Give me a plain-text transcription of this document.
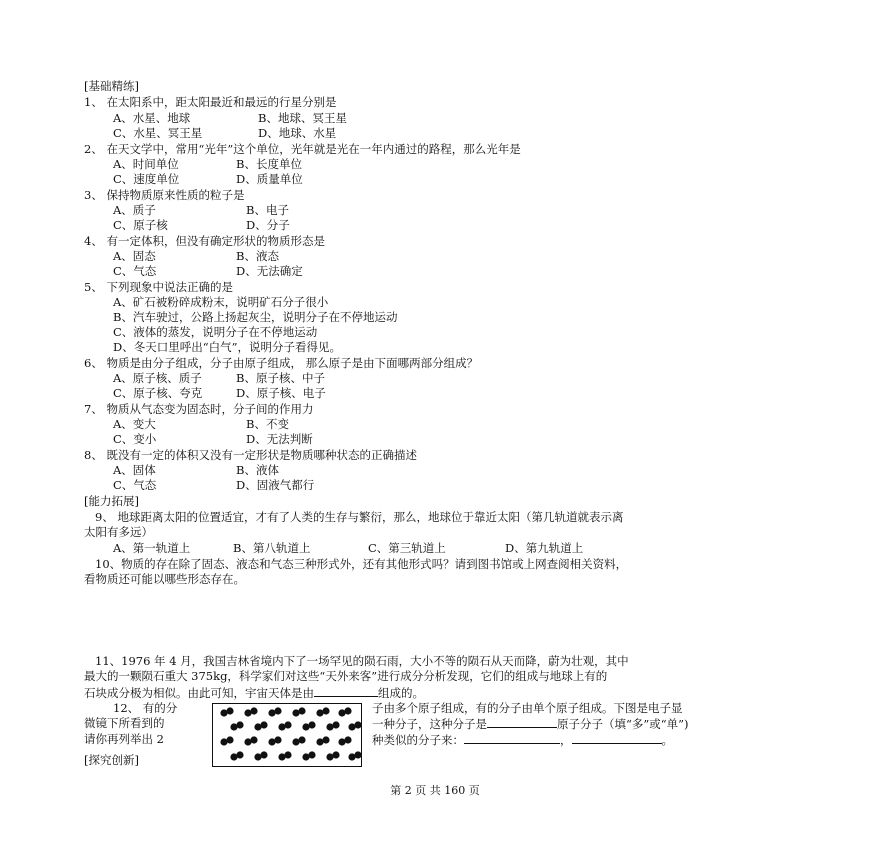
[基础精练]
1、 在太阳系中，距太阳最近和最远的行星分别是
A、水星、地球	B、地球、冥王星
C、水星、冥王星	D、地球、水星
2、 在天文学中，常用“光年”这个单位，光年就是光在一年内通过的路程，那么光年是
A、时间单位	B、长度单位
C、速度单位	D、质量单位
3、 保持物质原来性质的粒子是
A、质子	B、电子
C、原子核	D、分子
4、 有一定体积，但没有确定形状的物质形态是
A、固态	B、液态
C、气态	D、无法确定
5、 下列现象中说法正确的是
A、矿石被粉碎成粉末，说明矿石分子很小
B、汽车驶过，公路上扬起灰尘，说明分子在不停地运动
C、液体的蒸发，说明分子在不停地运动
D、冬天口里呼出“白气”，说明分子看得见。
6、 物质是由分子组成，分子由原子组成， 那么原子是由下面哪两部分组成？
A、原子核、质子	B、原子核、中子
C、原子核、夸克	D、原子核、电子
7、 物质从气态变为固态时，分子间的作用力
A、变大	B、不变
C、变小	D、无法判断
8、 既没有一定的体积又没有一定形状是物质哪种状态的正确描述
A、固体	B、液体
C、气态	D、固液气都行
[能力拓展]
9、 地球距离太阳的位置适宜，才有了人类的生存与繁衍，那么，地球位于靠近太阳（第几轨道就表示离
太阳有多远）
A、第一轨道上	B、第八轨道上	C、第三轨道上	D、第九轨道上
10、物质的存在除了固态、液态和气态三种形式外，还有其他形式吗？请到图书馆或上网查阅相关资料，
看物质还可能以哪些形态存在。
11、1976 年 4 月，我国吉林省境内下了一场罕见的陨石雨，大小不等的陨石从天而降，蔚为壮观，其中
最大的一颗陨石重大 375kg，科学家们对这些“天外来客”进行成分分析发现，它们的组成与地球上有的
石块成分极为相似。由此可知，宇宙天体是由	组成的。
12、 有的分
微镜下所看到的
请你再列举出 2
子由多个原子组成，有的分子由单个原子组成。下图是电子显
一种分子，这种分子是	原子分子（填“多”或“单”)
种类似的分子来：	，	。
[探究创新]
第 2 页 共 160 页
